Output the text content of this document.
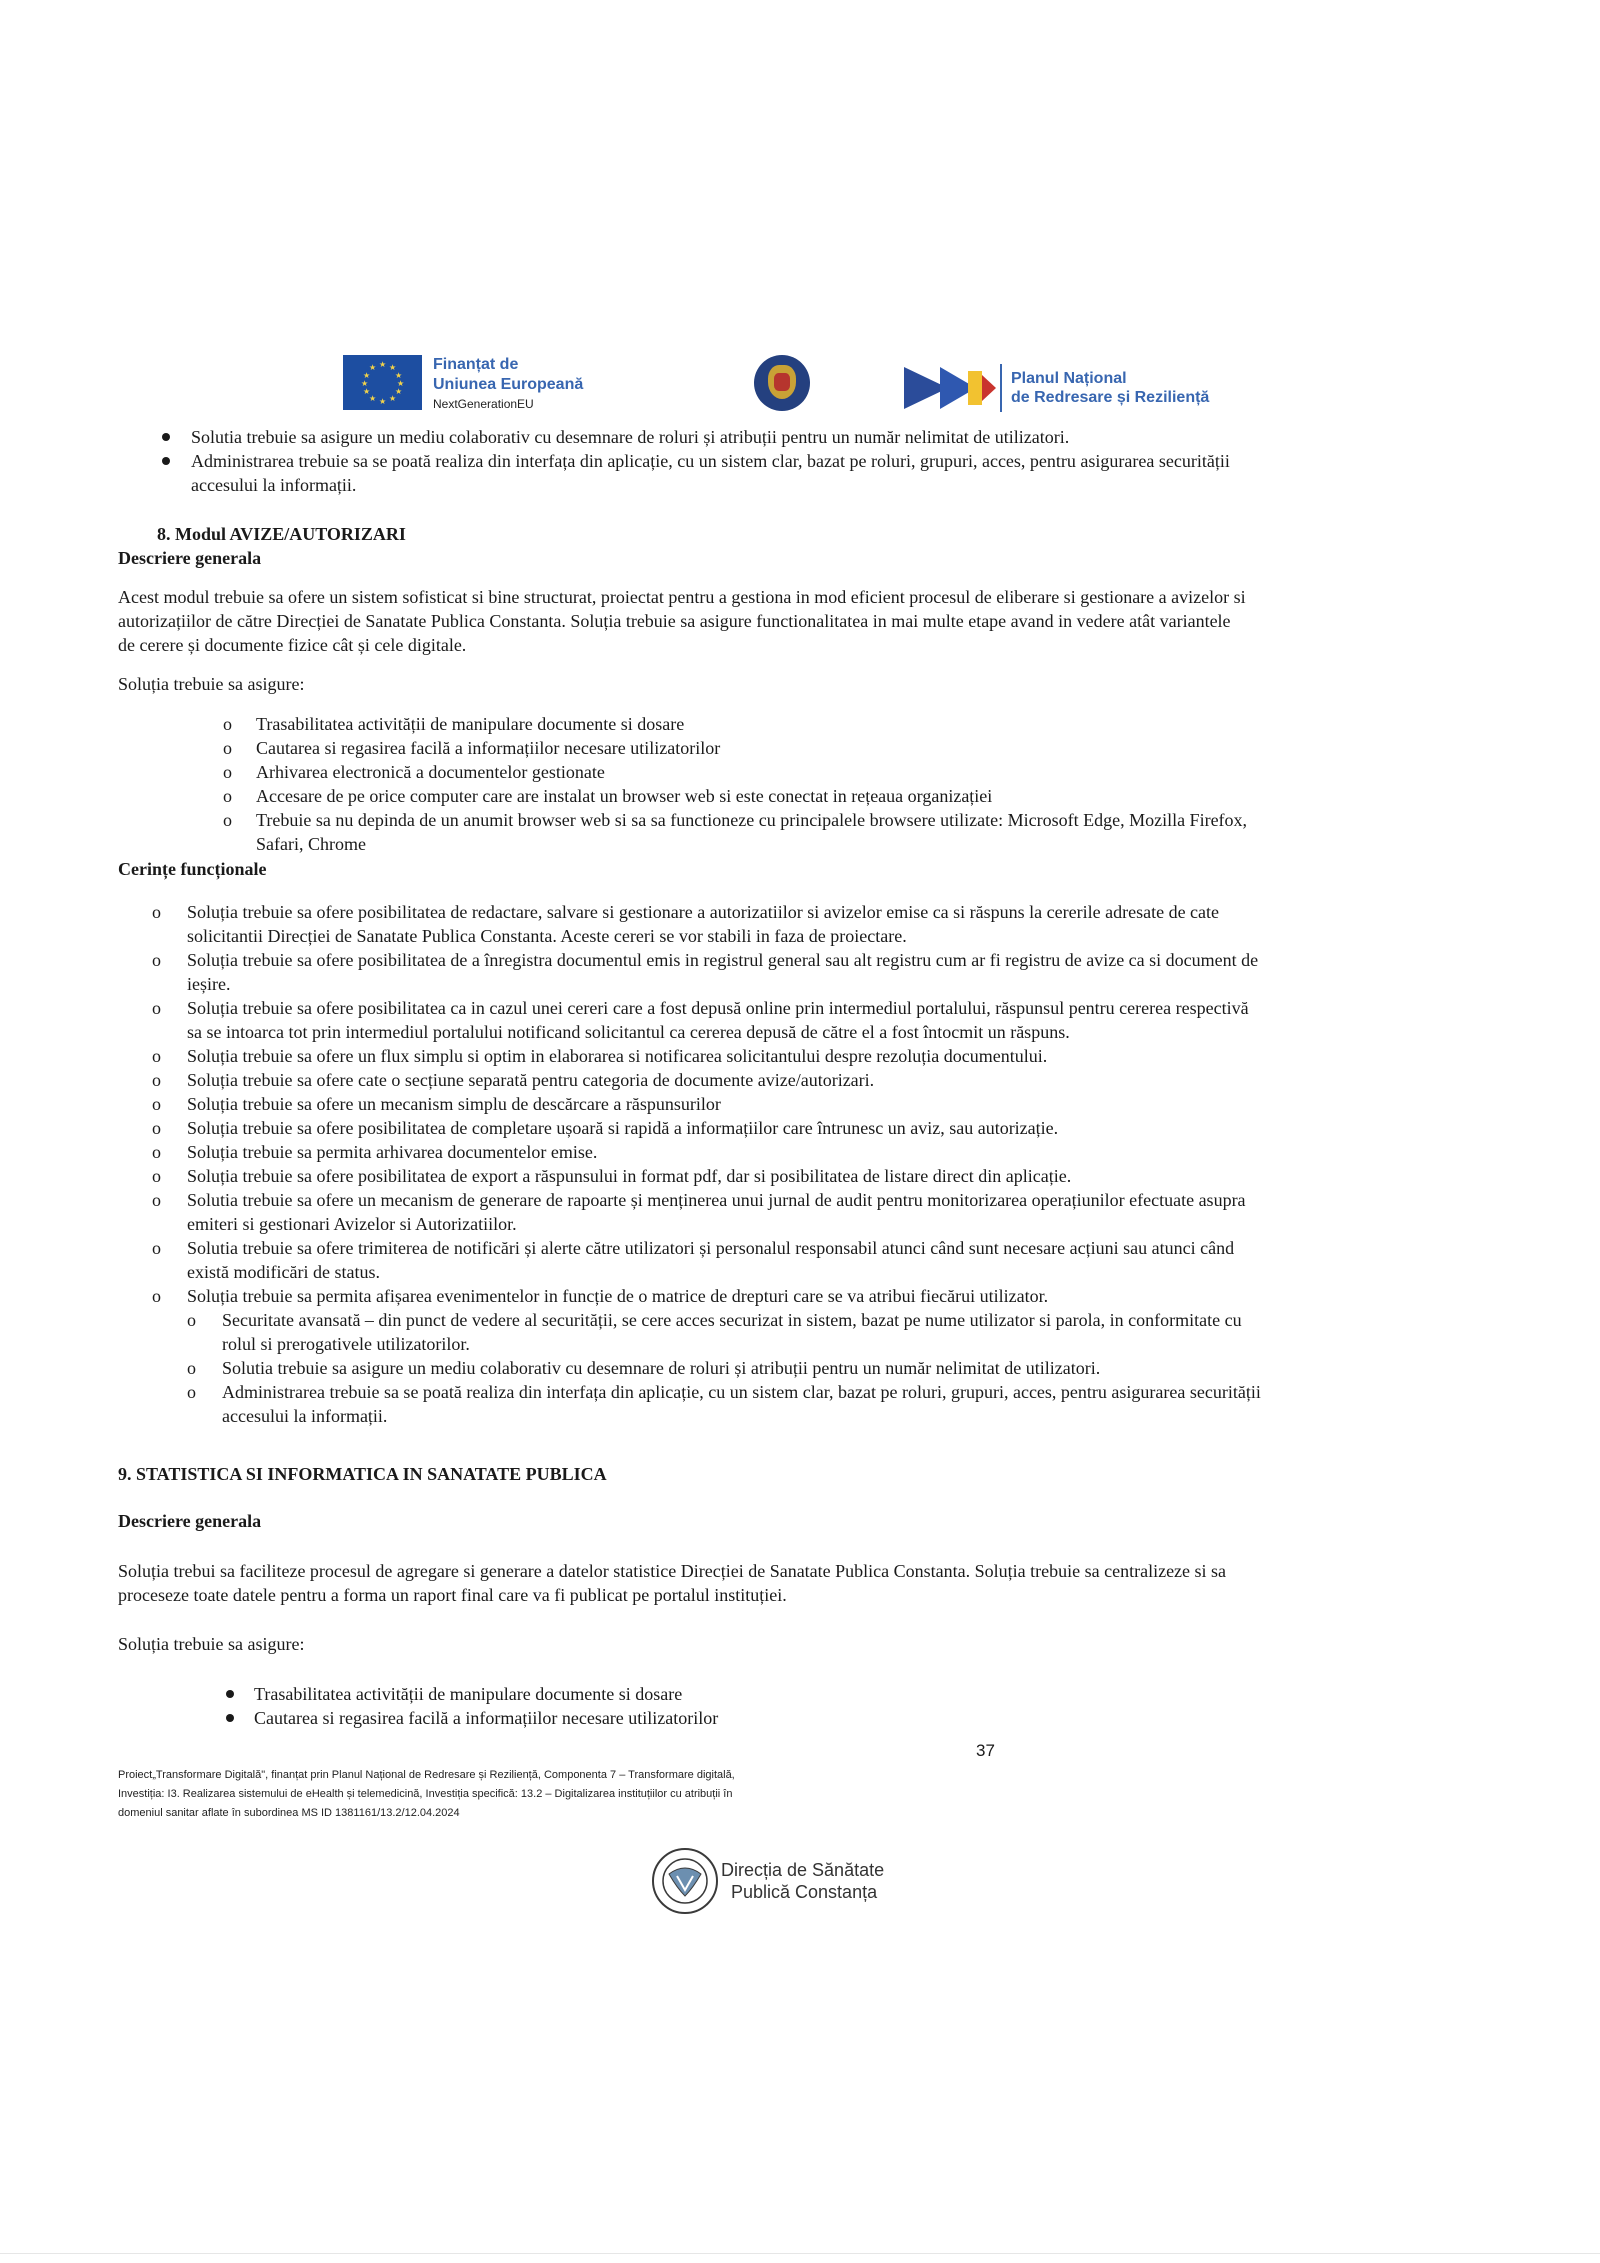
★ ★
★
★
★
★
★
★
★
★
★
★	Finanțat de
Uniunea Europeană
NextGenerationEU
Planul Național
de Redresare și Reziliență
Solutia trebuie sa asigure un mediu colaborativ cu desemnare de roluri și atribuții pentru un număr nelimitat de utilizatori.
Administrarea trebuie sa se poată realiza din interfața din aplicație, cu un sistem clar, bazat pe roluri, grupuri, acces, pentru asigurarea securității
accesului la informații.
8. Modul AVIZE/AUTORIZARI
Descriere generala
Acest modul trebuie sa ofere un sistem sofisticat si bine structurat, proiectat pentru a gestiona in mod eficient procesul de eliberare si gestionare a avizelor si
autorizațiilor de către Direcției de Sanatate Publica Constanta. Soluția trebuie sa asigure functionalitatea in mai multe etape avand in vedere atât variantele
de cerere și documente fizice cât și cele digitale.
Soluția trebuie sa asigure:
o Trasabilitatea activității de manipulare documente si dosare
o Cautarea si regasirea facilă a informațiilor necesare utilizatorilor
o Arhivarea electronică a documentelor gestionate
o Accesare de pe orice computer care are instalat un browser web si este conectat in rețeaua organizației
o Trebuie sa nu depinda de un anumit browser web si sa sa functioneze cu principalele browsere utilizate: Microsoft Edge, Mozilla Firefox,
Safari, Chrome
Cerințe funcționale
o Soluția trebuie sa ofere posibilitatea de redactare, salvare si gestionare a autorizatiilor si avizelor emise ca si răspuns la cererile adresate de cate
solicitantii Direcției de Sanatate Publica Constanta. Aceste cereri se vor stabili in faza de proiectare.
o Soluția trebuie sa ofere posibilitatea de a înregistra documentul emis in registrul general sau alt registru cum ar fi registru de avize ca si document de
ieșire.
o Soluția trebuie sa ofere posibilitatea ca in cazul unei cereri care a fost depusă online prin intermediul portalului, răspunsul pentru cererea respectivă
sa se intoarca tot prin intermediul portalului notificand solicitantul ca cererea depusă de către el a fost întocmit un răspuns.
o Soluția trebuie sa ofere un flux simplu si optim in elaborarea si notificarea solicitantului despre rezoluția documentului.
o Soluția trebuie sa ofere cate o secțiune separată pentru categoria de documente avize/autorizari.
o Soluția trebuie sa ofere un mecanism simplu de descărcare a răspunsurilor
o Soluția trebuie sa ofere posibilitatea de completare ușoară si rapidă a informațiilor care întrunesc un aviz, sau autorizație.
o Soluția trebuie sa permita arhivarea documentelor emise.
o Soluția trebuie sa ofere posibilitatea de export a răspunsului in format pdf, dar si posibilitatea de listare direct din aplicație.
o Solutia trebuie sa ofere un mecanism de generare de rapoarte și menținerea unui jurnal de audit pentru monitorizarea operațiunilor efectuate asupra
emiteri si gestionari Avizelor si Autorizatiilor.
o Solutia trebuie sa ofere trimiterea de notificări și alerte către utilizatori și personalul responsabil atunci când sunt necesare acțiuni sau atunci când
există modificări de status.
o Soluția trebuie sa permita afișarea evenimentelor in funcție de o matrice de drepturi care se va atribui fiecărui utilizator.
o Securitate avansată – din punct de vedere al securității, se cere acces securizat in sistem, bazat pe nume utilizator si parola, in conformitate cu
rolul si prerogativele utilizatorilor.
o Solutia trebuie sa asigure un mediu colaborativ cu desemnare de roluri și atribuții pentru un număr nelimitat de utilizatori.
o Administrarea trebuie sa se poată realiza din interfața din aplicație, cu un sistem clar, bazat pe roluri, grupuri, acces, pentru asigurarea securității
accesului la informații.
9. STATISTICA SI INFORMATICA IN SANATATE PUBLICA
Descriere generala
Soluția trebui sa faciliteze procesul de agregare si generare a datelor statistice Direcției de Sanatate Publica Constanta. Soluția trebuie sa centralizeze si sa
proceseze toate datele pentru a forma un raport final care va fi publicat pe portalul instituției.
Soluția trebuie sa asigure:
Trasabilitatea activității de manipulare documente si dosare
Cautarea si regasirea facilă a informațiilor necesare utilizatorilor
37
Proiect„Transformare Digitală", finanțat prin Planul Național de Redresare și Reziliență, Componenta 7 – Transformare digitală,
Investiția: I3. Realizarea sistemului de eHealth și telemedicină, Investiția specifică: 13.2 – Digitalizarea instituțiilor cu atribuții în
domeniul sanitar aflate în subordinea MS ID 1381161/13.2/12.04.2024
Direcția de Sănătate
Publică Constanța
